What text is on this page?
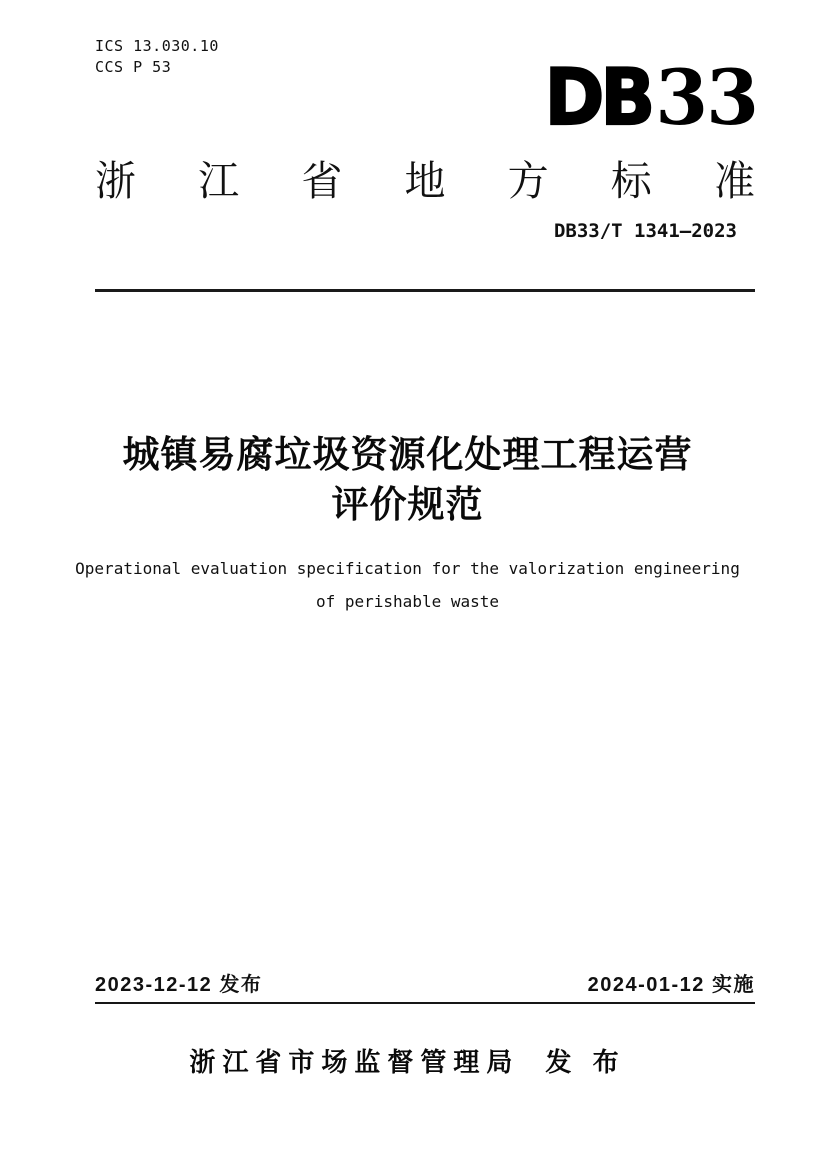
ICS 13.030.10
CCS P 53	DB 33
浙 江 省 地 方 标 准
DB33/T 1341—2023
城镇易腐垃圾资源化处理工程运营
评价规范
Operational evaluation specification for the valorization engineering
of perishable waste
2023-12-12 发布	2024-01-12 实施
浙江省市场监督管理局 发 布
